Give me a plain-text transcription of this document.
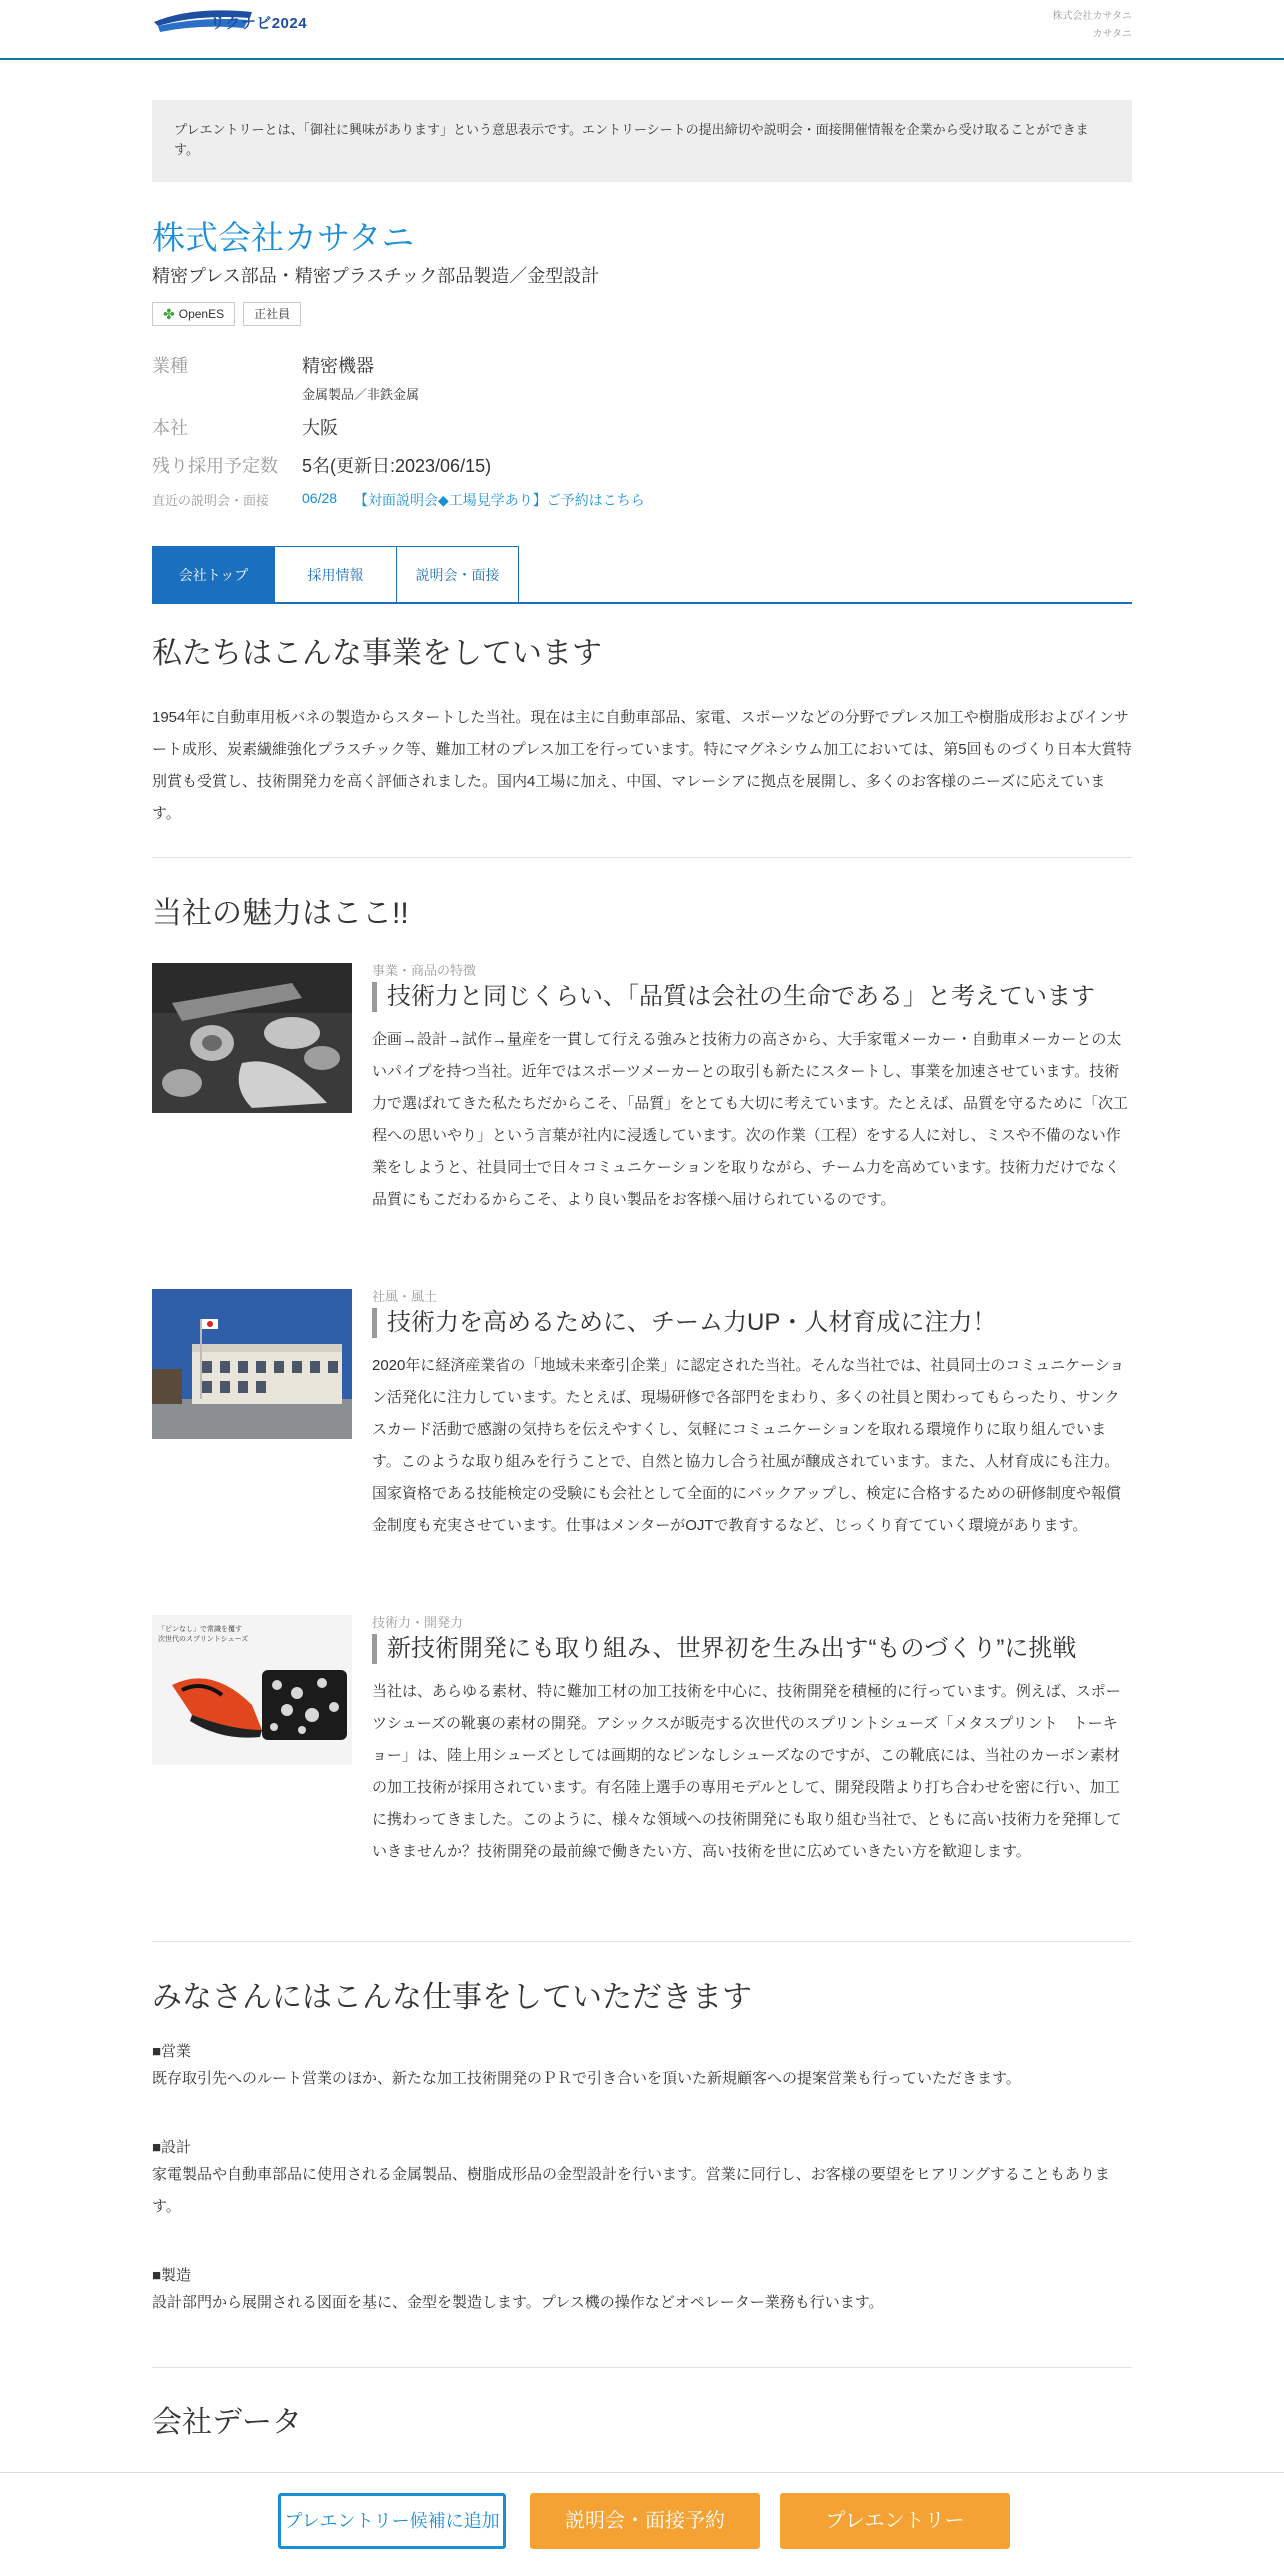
リクナビ2024	株式会社カサタニ
カサタニ
プレエントリーとは、「御社に興味があります」という意思表示です。エントリーシートの提出締切や説明会・面接開催情報を企業から受け取ることができます。
株式会社カサタニ
精密プレス部品・精密プラスチック部品製造／金型設計
✤ OpenES	正社員
業種	精密機器
金属製品／非鉄金属
本社	大阪
残り採用予定数 5名(更新日:2023/06/15)
直近の説明会・面接 06/28 【対面説明会◆工場見学あり】ご予約はこちら
会社トップ	採用情報	説明会・面接
私たちはこんな事業をしています
1954年に自動車用板バネの製造からスタートした当社。現在は主に自動車部品、家電、スポーツなどの分野でプレス加工や樹脂成形およびインサート成形、炭素繊維強化プラスチック等、難加工材のプレス加工を行っています。特にマグネシウム加工においては、第5回ものづくり日本大賞特別賞も受賞し、技術開発力を高く評価されました。国内4工場に加え、中国、マレーシアに拠点を展開し、多くのお客様のニーズに応えています。
当社の魅力はここ!!
事業・商品の特徴
技術力と同じくらい、「品質は会社の生命である」と考えています
企画→設計→試作→量産を一貫して行える強みと技術力の高さから、大手家電メーカー・自動車メーカーとの太いパイプを持つ当社。近年ではスポーツメーカーとの取引も新たにスタートし、事業を加速させています。技術力で選ばれてきた私たちだからこそ、「品質」をとても大切に考えています。たとえば、品質を守るために「次工程への思いやり」という言葉が社内に浸透しています。次の作業（工程）をする人に対し、ミスや不備のない作業をしようと、社員同士で日々コミュニケーションを取りながら、チーム力を高めています。技術力だけでなく品質にもこだわるからこそ、より良い製品をお客様へ届けられているのです。
社風・風土
技術力を高めるために、チーム力UP・人材育成に注力！
2020年に経済産業省の「地域未来牽引企業」に認定された当社。そんな当社では、社員同士のコミュニケーション活発化に注力しています。たとえば、現場研修で各部門をまわり、多くの社員と関わってもらったり、サンクスカード活動で感謝の気持ちを伝えやすくし、気軽にコミュニケーションを取れる環境作りに取り組んでいます。このような取り組みを行うことで、自然と協力し合う社風が醸成されています。また、人材育成にも注力。国家資格である技能検定の受験にも会社として全面的にバックアップし、検定に合格するための研修制度や報償金制度も充実させています。仕事はメンターがOJTで教育するなど、じっくり育てていく環境があります。
「ピンなし」で常識を覆す
次世代のスプリントシューズ
技術力・開発力
新技術開発にも取り組み、世界初を生み出す“ものづくり”に挑戦
当社は、あらゆる素材、特に難加工材の加工技術を中心に、技術開発を積極的に行っています。例えば、スポーツシューズの靴裏の素材の開発。アシックスが販売する次世代のスプリントシューズ「メタスプリント　トーキョー」は、陸上用シューズとしては画期的なピンなしシューズなのですが、この靴底には、当社のカーボン素材の加工技術が採用されています。有名陸上選手の専用モデルとして、開発段階より打ち合わせを密に行い、加工に携わってきました。このように、様々な領域への技術開発にも取り組む当社で、ともに高い技術力を発揮していきませんか？技術開発の最前線で働きたい方、高い技術を世に広めていきたい方を歓迎します。
みなさんにはこんな仕事をしていただきます
■営業
既存取引先へのルート営業のほか、新たな加工技術開発のＰＲで引き合いを頂いた新規顧客への提案営業も行っていただきます。
■設計
家電製品や自動車部品に使用される金属製品、樹脂成形品の金型設計を行います。営業に同行し、お客様の要望をヒアリングすることもあります。
■製造
設計部門から展開される図面を基に、金型を製造します。プレス機の操作などオペレーター業務も行います。
会社データ
プレエントリー候補に追加	説明会・面接予約	プレエントリー
